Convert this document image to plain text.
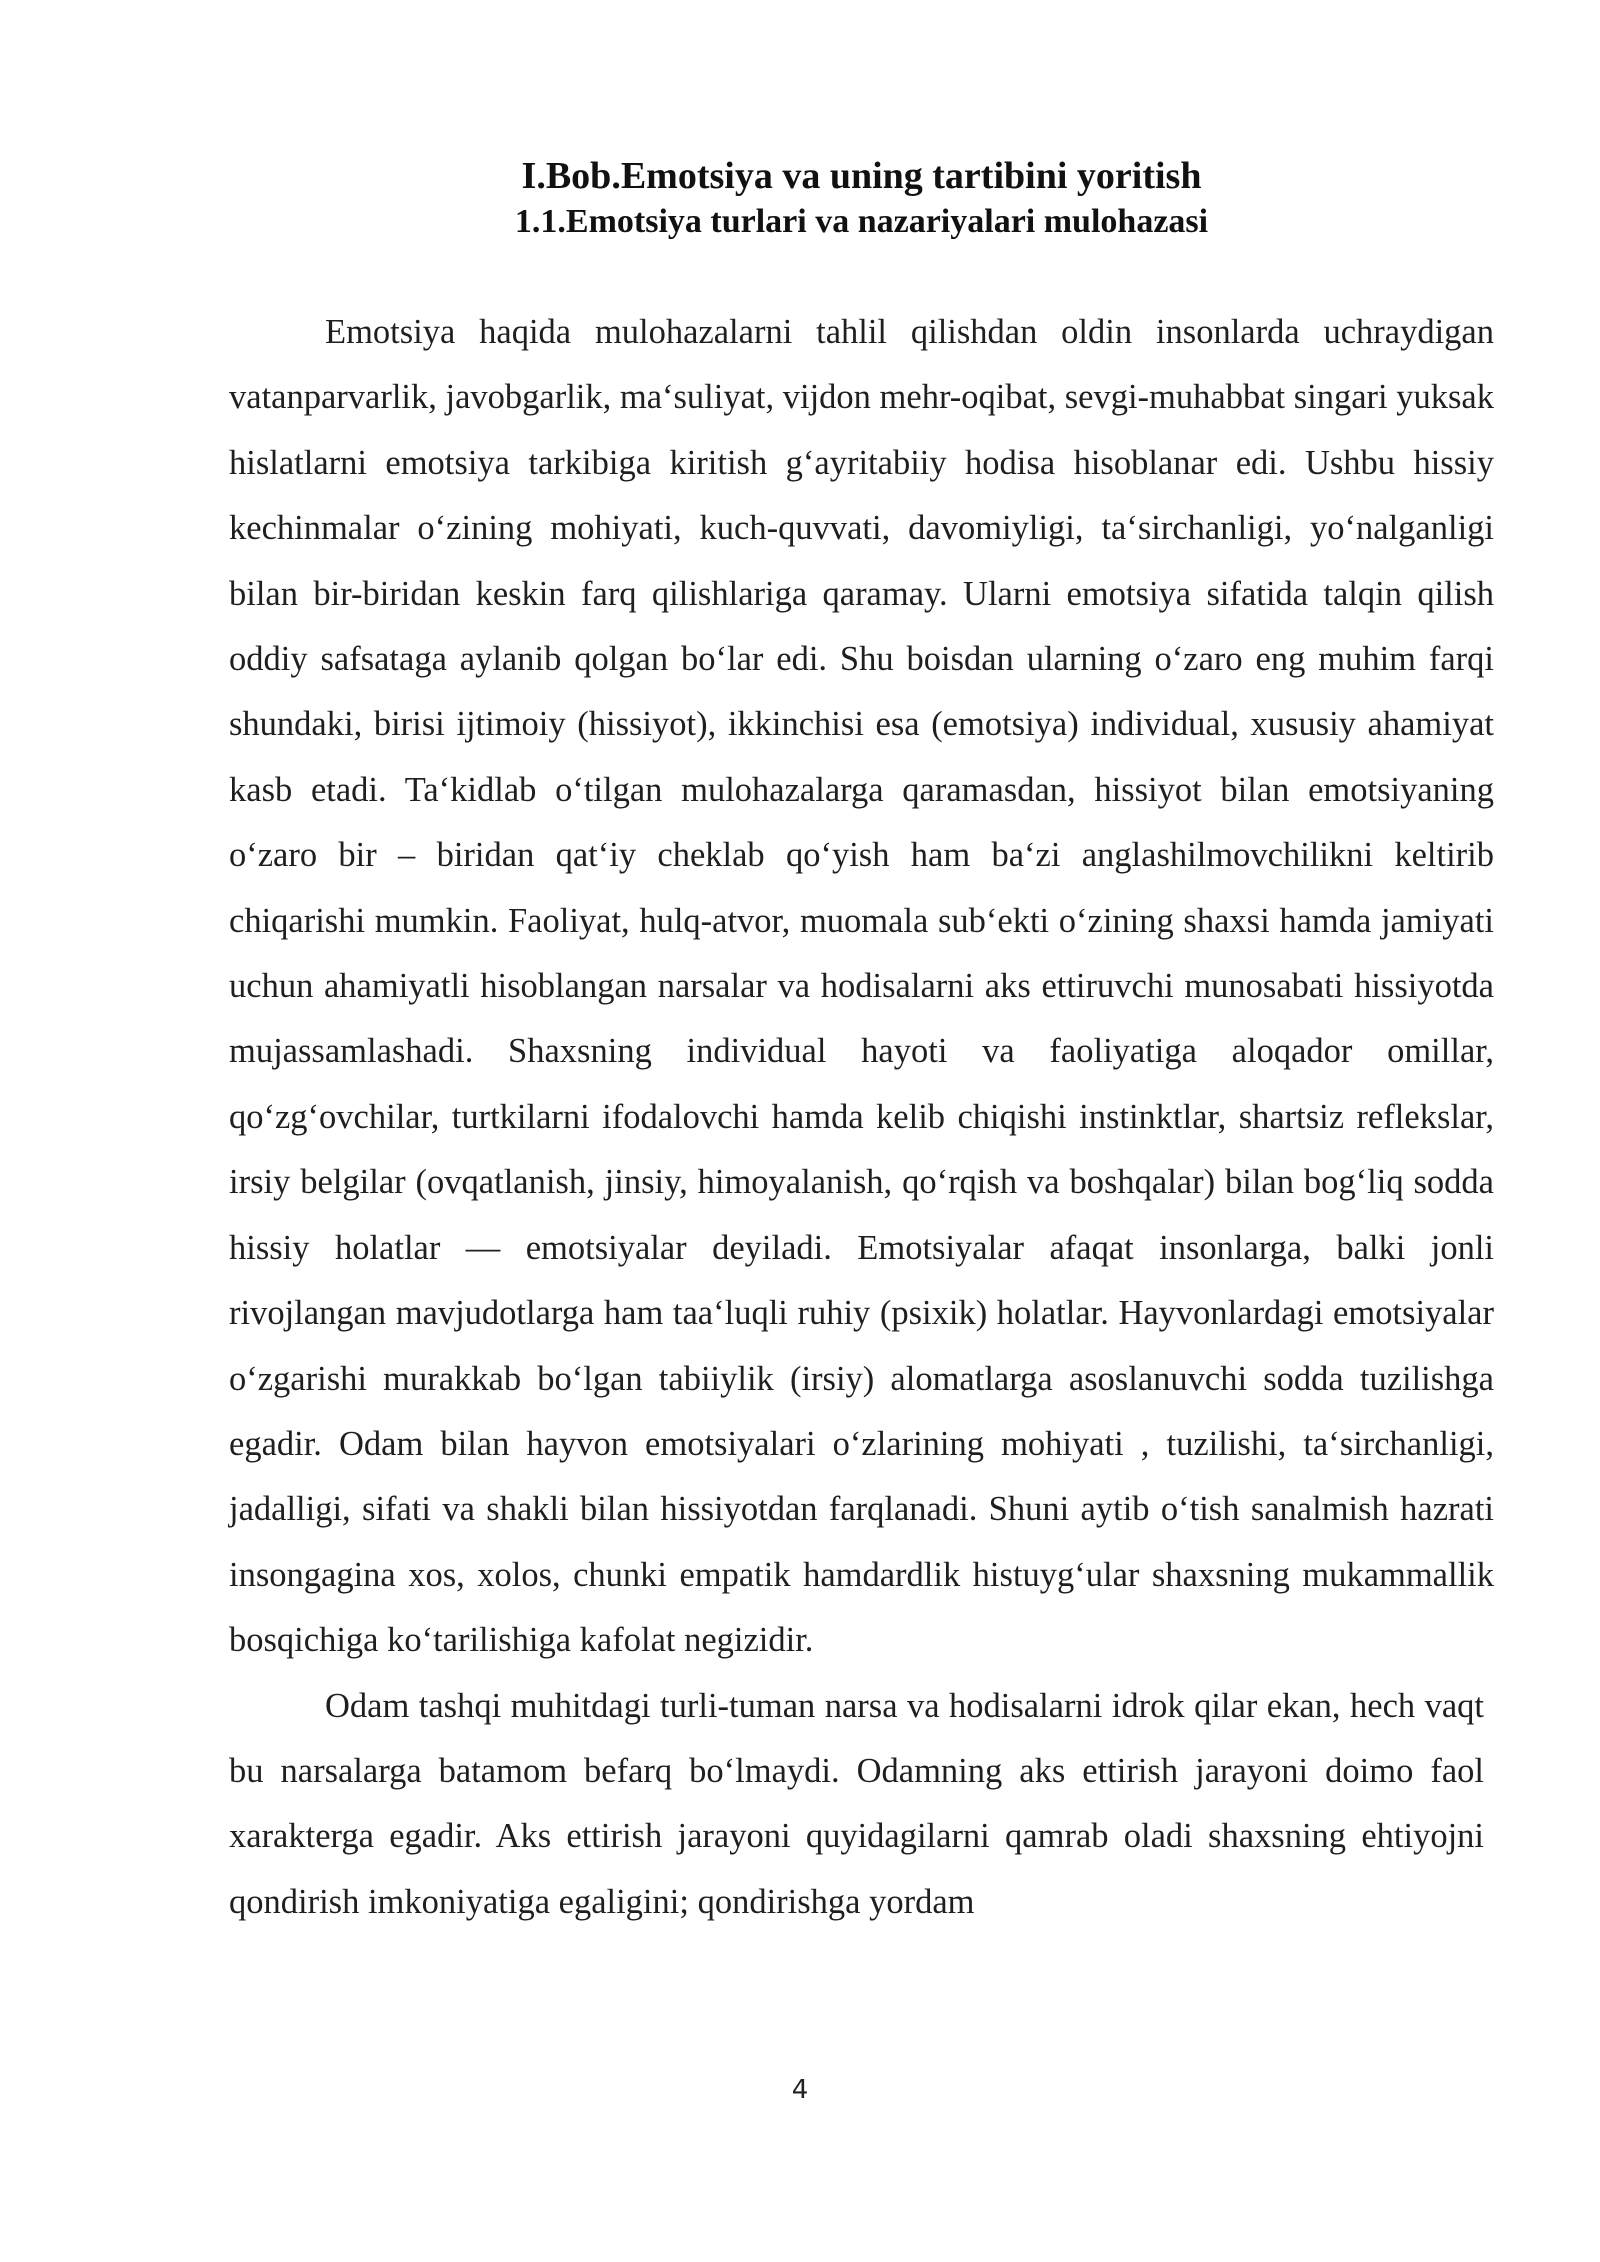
I.Bob.Emotsiya va uning tartibini yoritish

1.1.Emotsiya turlari va nazariyalari mulohazasi

Emotsiya haqida mulohazalarni tahlil qilishdan oldin insonlarda uchraydigan vatanparvarlik, javobgarlik, maʻsuliyat, vijdon mehr-oqibat, sevgi-muhabbat singari yuksak hislatlarni emotsiya tarkibiga kiritish gʻayritabiiy hodisa hisoblanar edi. Ushbu hissiy kechinmalar oʻzining mohiyati, kuch-quvvati, davomiyligi, taʻsirchanligi, yoʻnalganligi bilan bir-biridan keskin farq qilishlariga qaramay. Ularni emotsiya sifatida talqin qilish oddiy safsataga aylanib qolgan boʻlar edi. Shu boisdan ularning oʻzaro eng muhim farqi shundaki, birisi ijtimoiy (hissiyot), ikkinchisi esa (emotsiya) individual, xususiy ahamiyat kasb etadi. Taʻkidlab oʻtilgan mulohazalarga qaramasdan, hissiyot bilan emotsiyaning oʻzaro bir – biridan qatʻiy cheklab qoʻyish ham baʻzi anglashilmovchilikni keltirib chiqarishi mumkin. Faoliyat, hulq-atvor, muomala subʻekti oʻzining shaxsi hamda jamiyati uchun ahamiyatli hisoblangan narsalar va hodisalarni aks ettiruvchi munosabati hissiyotda mujassamlashadi. Shaxsning individual hayoti va faoliyatiga aloqador omillar, qoʻzgʻovchilar, turtkilarni ifodalovchi hamda kelib chiqishi instinktlar, shartsiz reflekslar, irsiy belgilar (ovqatlanish, jinsiy, himoyalanish, qoʻrqish va boshqalar) bilan bogʻliq sodda hissiy holatlar — emotsiyalar deyiladi. Emotsiyalar afaqat insonlarga, balki jonli rivojlangan mavjudotlarga ham taaʻluqli ruhiy (psixik) holatlar. Hayvonlardagi emotsiyalar oʻzgarishi murakkab boʻlgan tabiiylik (irsiy) alomatlarga asoslanuvchi sodda tuzilishga egadir. Odam bilan hayvon emotsiyalari oʻzlarining mohiyati , tuzilishi, taʻsirchanligi, jadalligi, sifati va shakli bilan hissiyotdan farqlanadi. Shuni aytib oʻtish sanalmish hazrati insongagina xos, xolos, chunki empatik hamdardlik histuygʻular shaxsning mukammallik bosqichiga koʻtarilishiga kafolat negizidir.

Odam tashqi muhitdagi turli-tuman narsa va hodisalarni idrok qilar ekan, hech vaqt bu narsalarga batamom befarq boʻlmaydi. Odamning aks ettirish jarayoni doimo faol xarakterga egadir. Aks ettirish jarayoni quyidagilarni qamrab oladi shaxsning ehtiyojni qondirish imkoniyatiga egaligini; qondirishga yordam

4
